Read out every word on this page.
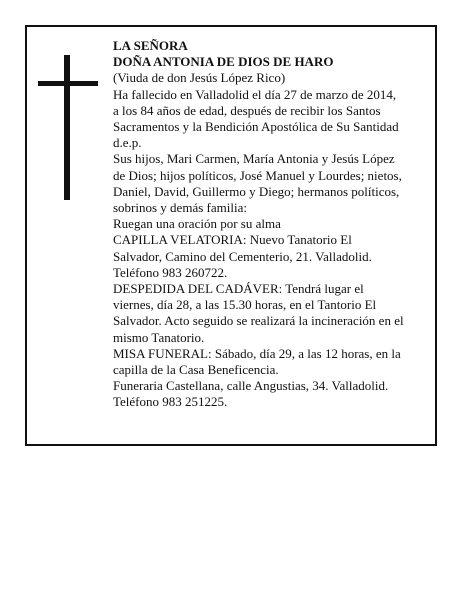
LA SEÑORA
DOÑA ANTONIA DE DIOS DE HARO
(Viuda de don Jesús López Rico)
Ha fallecido en Valladolid el día 27 de marzo de 2014,
a los 84 años de edad, después de recibir los Santos
Sacramentos y la Bendición Apostólica de Su Santidad
d.e.p.
Sus hijos, Mari Carmen, María Antonia y Jesús López
de Dios; hijos políticos, José Manuel y Lourdes; nietos,
Daniel, David, Guillermo y Diego; hermanos políticos,
sobrinos y demás familia:
Ruegan una oración por su alma
CAPILLA VELATORIA: Nuevo Tanatorio El
Salvador, Camino del Cementerio, 21. Valladolid.
Teléfono 983 260722.
DESPEDIDA DEL CADÁVER: Tendrá lugar el
viernes, día 28, a las 15.30 horas, en el Tantorio El
Salvador. Acto seguido se realizará la incineración en el
mismo Tanatorio.
MISA FUNERAL: Sábado, día 29, a las 12 horas, en la
capilla de la Casa Beneficencia.
Funeraria Castellana, calle Angustias, 34. Valladolid.
Teléfono 983 251225.
